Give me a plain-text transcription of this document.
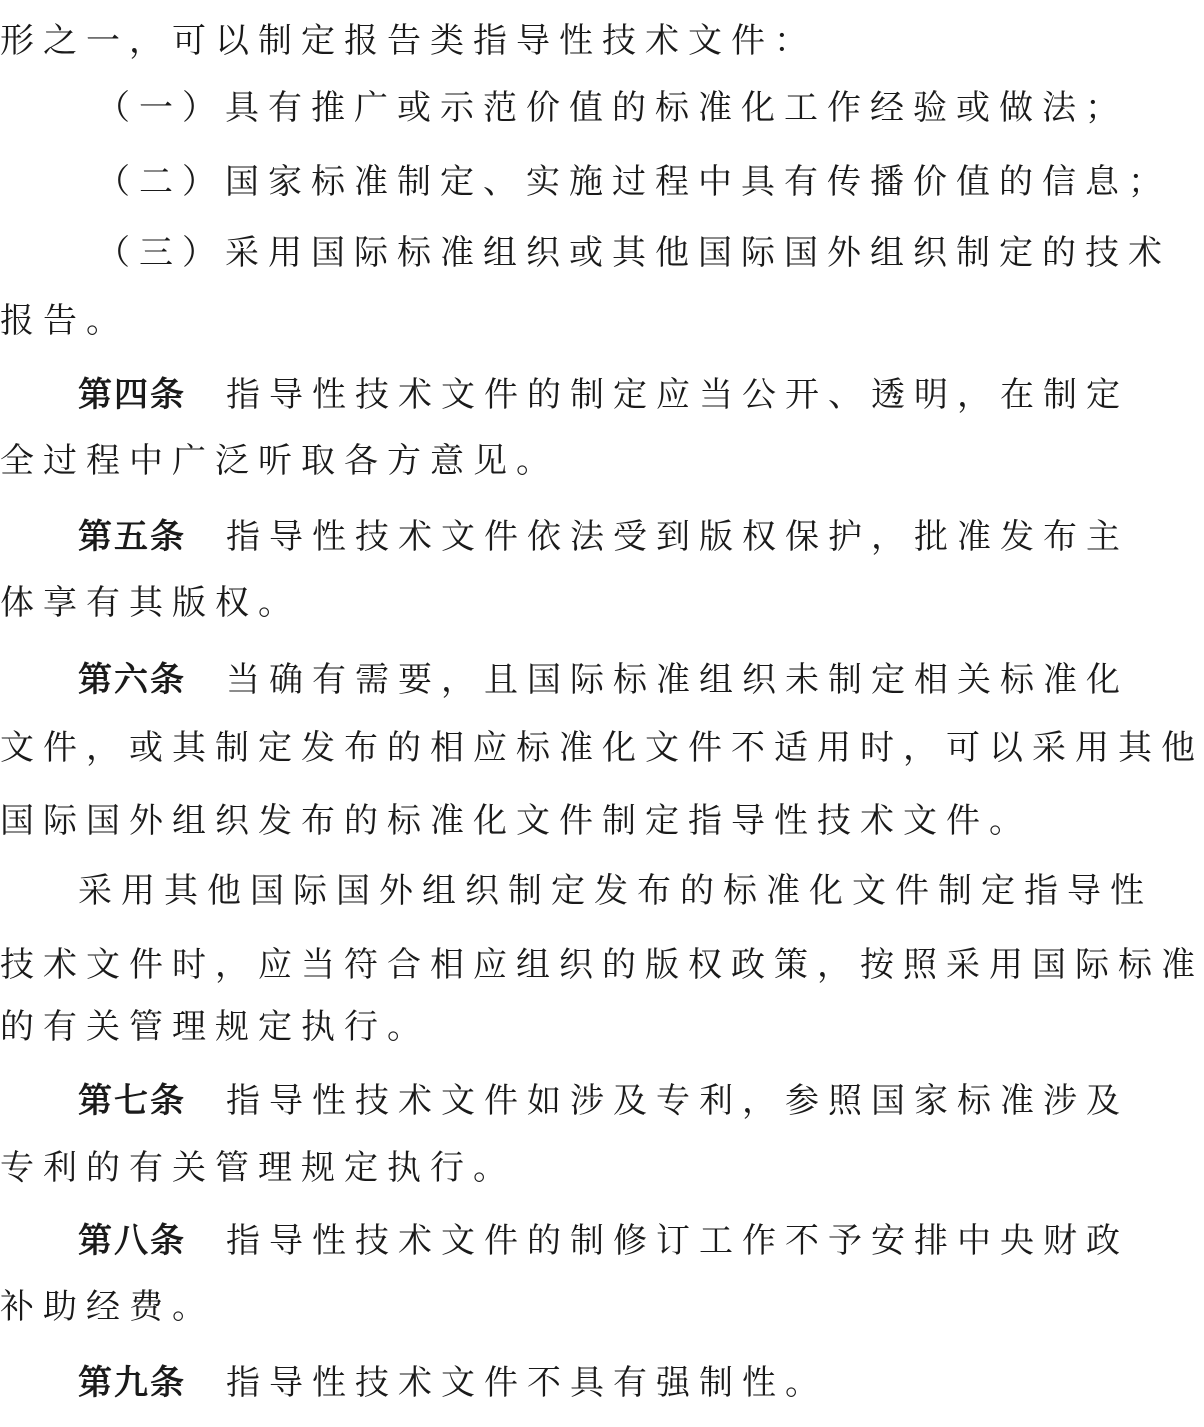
形之一，可以制定报告类指导性技术文件：
（一）具有推广或示范价值的标准化工作经验或做法；
（二）国家标准制定、实施过程中具有传播价值的信息；
（三）采用国际标准组织或其他国际国外组织制定的技术
报告。
第四条 指导性技术文件的制定应当公开、透明，在制定
全过程中广泛听取各方意见。
第五条 指导性技术文件依法受到版权保护，批准发布主
体享有其版权。
第六条 当确有需要，且国际标准组织未制定相关标准化
文件，或其制定发布的相应标准化文件不适用时，可以采用其他
国际国外组织发布的标准化文件制定指导性技术文件。
采用其他国际国外组织制定发布的标准化文件制定指导性
技术文件时，应当符合相应组织的版权政策，按照采用国际标准
的有关管理规定执行。
第七条 指导性技术文件如涉及专利，参照国家标准涉及
专利的有关管理规定执行。
第八条 指导性技术文件的制修订工作不予安排中央财政
补助经费。
第九条 指导性技术文件不具有强制性。
